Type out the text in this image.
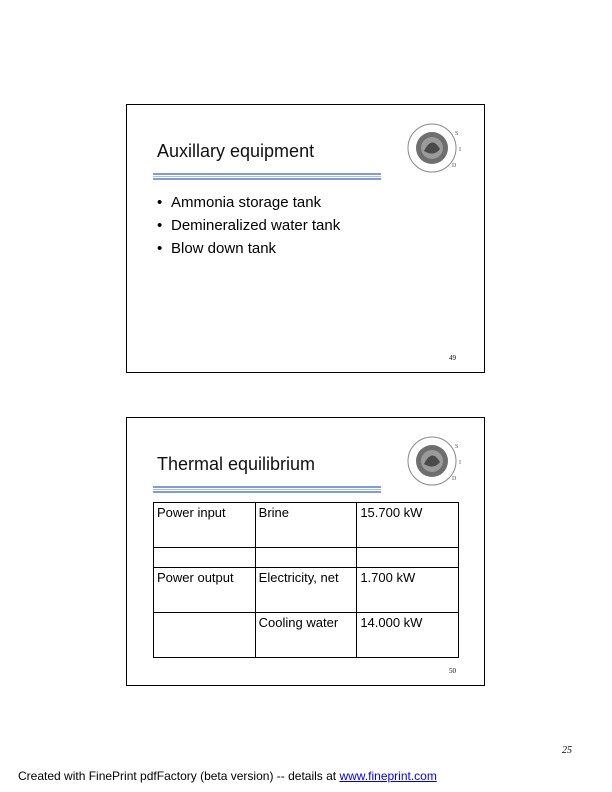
Auxillary equipment
S
I
D
• Ammonia storage tank
• Demineralized water tank
• Blow down tank
49
Thermal equilibrium
S
I
D
Power input	Brine	15.700 kW

Power output	Electricity, net	1.700 kW
	Cooling water	14.000 kW
50
25
Created with FinePrint pdfFactory (beta version) -- details at www.fineprint.com
